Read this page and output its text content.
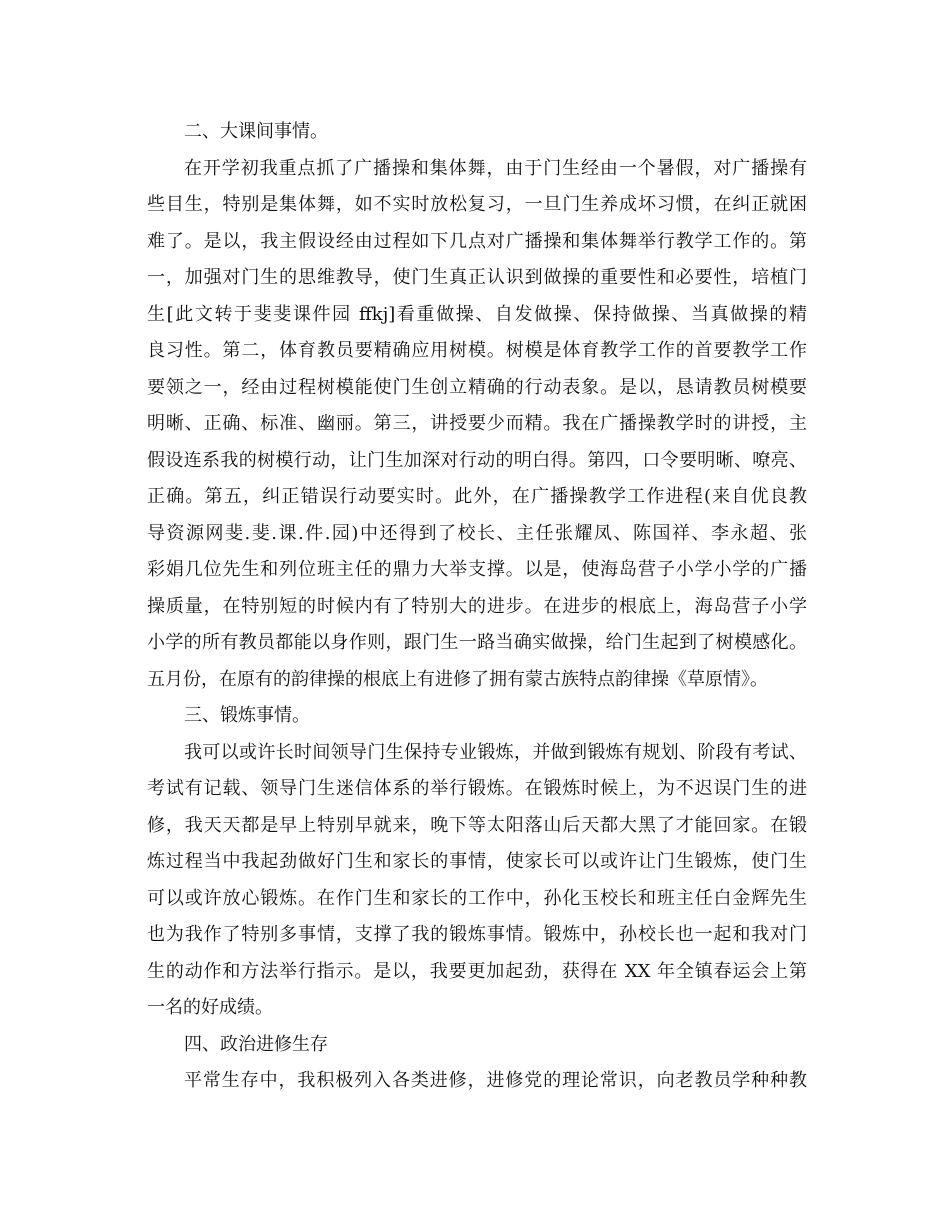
二、大课间事情。
在开学初我重点抓了广播操和集体舞，由于门生经由一个暑假，对广播操有
些目生，特别是集体舞，如不实时放松复习，一旦门生养成坏习惯，在纠正就困
难了。是以，我主假设经由过程如下几点对广播操和集体舞举行教学工作的。第
一，加强对门生的思维教导，使门生真正认识到做操的重要性和必要性，培植门
生[此文转于斐斐课件园 ffkj]看重做操、自发做操、保持做操、当真做操的精
良习性。第二，体育教员要精确应用树模。树模是体育教学工作的首要教学工作
要领之一，经由过程树模能使门生创立精确的行动表象。是以，恳请教员树模要
明晰、正确、标准、幽丽。第三，讲授要少而精。我在广播操教学时的讲授，主
假设连系我的树模行动，让门生加深对行动的明白得。第四，口令要明晰、嘹亮、
正确。第五，纠正错误行动要实时。此外，在广播操教学工作进程(来自优良教
导资源网斐.斐.课.件.园)中还得到了校长、主任张耀凤、陈国祥、李永超、张
彩娟几位先生和列位班主任的鼎力大举支撑。以是，使海岛营子小学小学的广播
操质量，在特别短的时候内有了特别大的进步。在进步的根底上，海岛营子小学
小学的所有教员都能以身作则，跟门生一路当确实做操，给门生起到了树模感化。
五月份，在原有的韵律操的根底上有进修了拥有蒙古族特点韵律操《草原情》。
三、锻炼事情。
我可以或许长时间领导门生保持专业锻炼，并做到锻炼有规划、阶段有考试、
考试有记载、领导门生迷信体系的举行锻炼。在锻炼时候上，为不迟误门生的进
修，我天天都是早上特别早就来，晚下等太阳落山后天都大黑了才能回家。在锻
炼过程当中我起劲做好门生和家长的事情，使家长可以或许让门生锻炼，使门生
可以或许放心锻炼。在作门生和家长的工作中，孙化玉校长和班主任白金辉先生
也为我作了特别多事情，支撑了我的锻炼事情。锻炼中，孙校长也一起和我对门
生的动作和方法举行指示。是以，我要更加起劲，获得在 XX 年全镇春运会上第
一名的好成绩。
四、政治进修生存
平常生存中，我积极列入各类进修，进修党的理论常识，向老教员学种种教
